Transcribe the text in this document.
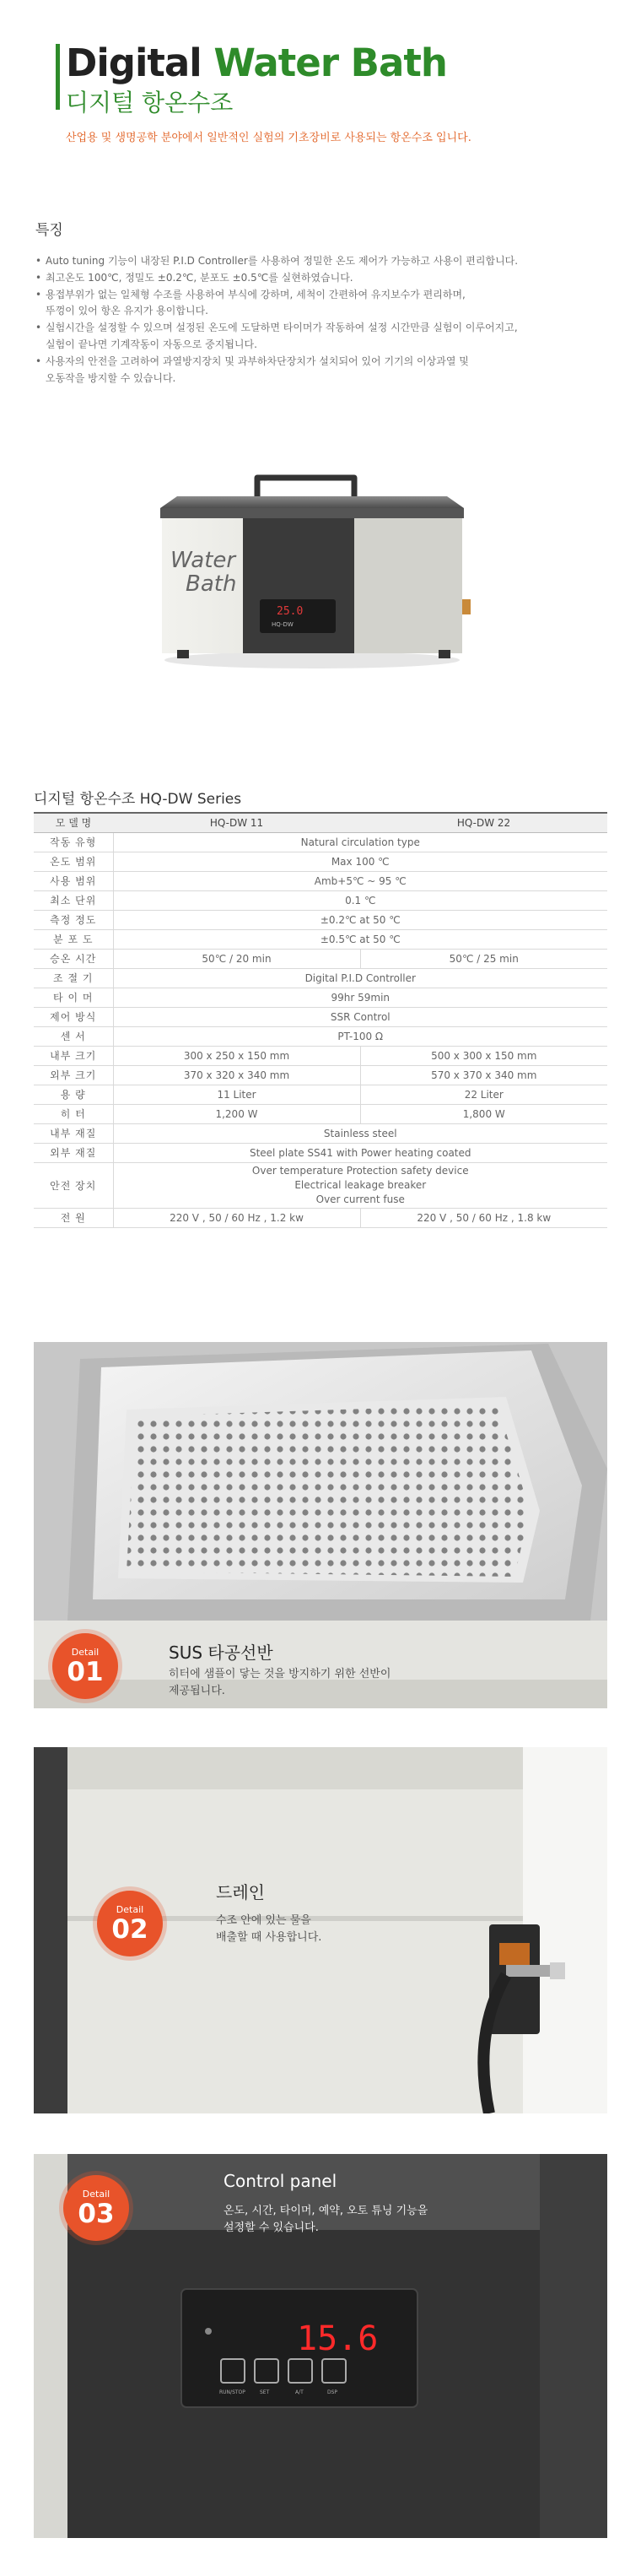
Digital Water Bath
디지털 항온수조
산업용 및 생명공학 분야에서 일반적인 실험의 기초장비로 사용되는 항온수조 입니다.
특징
• Auto tuning 기능이 내장된 P.I.D Controller를 사용하여 정밀한 온도 제어가 가능하고 사용이 편리합니다.
• 최고온도 100℃, 정밀도 ±0.2℃, 분포도 ±0.5℃를 실현하였습니다.
• 용접부위가 없는 일체형 수조를 사용하여 부식에 강하며, 세척이 간편하여 유지보수가 편리하며,
뚜껑이 있어 항온 유지가 용이합니다.
• 실험시간을 설정할 수 있으며 설정된 온도에 도달하면 타이머가 작동하여 설정 시간만큼 실험이 이루어지고,
실험이 끝나면 기계작동이 자동으로 중지됩니다.
• 사용자의 안전을 고려하여 과열방지장치 및 과부하차단장치가 설치되어 있어 기기의 이상과열 및
오동작을 방지할 수 있습니다.
Water
Bath
25.0
HQ-DW
디지털 항온수조 HQ-DW Series
모 델 명	HQ-DW 11	HQ-DW 22
작동 유형	Natural circulation type	
온도 범위	Max 100 ℃	
사용 범위	Amb+5℃ ~ 95 ℃	
최소 단위	0.1 ℃	
측정 정도	±0.2℃ at 50 ℃	
분 포 도	±0.5℃ at 50 ℃	
승온 시간	50℃ / 20 min	50℃ / 25 min
조 절 기	Digital P.I.D Controller	
타 이 머	99hr 59min	
제어 방식	SSR Control	
센 서	PT-100 Ω	
내부 크기	300 x 250 x 150 mm	500 x 300 x 150 mm
외부 크기	370 x 320 x 340 mm	570 x 370 x 340 mm
용 량	11 Liter	22 Liter
히 터	1,200 W	1,800 W
내부 재질	Stainless steel	
외부 재질	Steel plate SS41 with Power heating coated	
안전 장치	Over temperature Protection safety device
Electrical leakage breaker
Over current fuse	

전 원	220 V , 50 / 60 Hz , 1.2 kw	220 V , 50 / 60 Hz , 1.8 kw
Detail
01
SUS 타공선반
히터에 샘플이 닿는 것을 방지하기 위한 선반이
제공됩니다.
Detail
02
드레인
수조 안에 있는 물을
배출할 때 사용합니다.
15.6
RUN/STOP	SET	A/T	DSP
Detail
03
Control panel
온도, 시간, 타이머, 예약, 오토 튜닝 기능을
설정할 수 있습니다.
